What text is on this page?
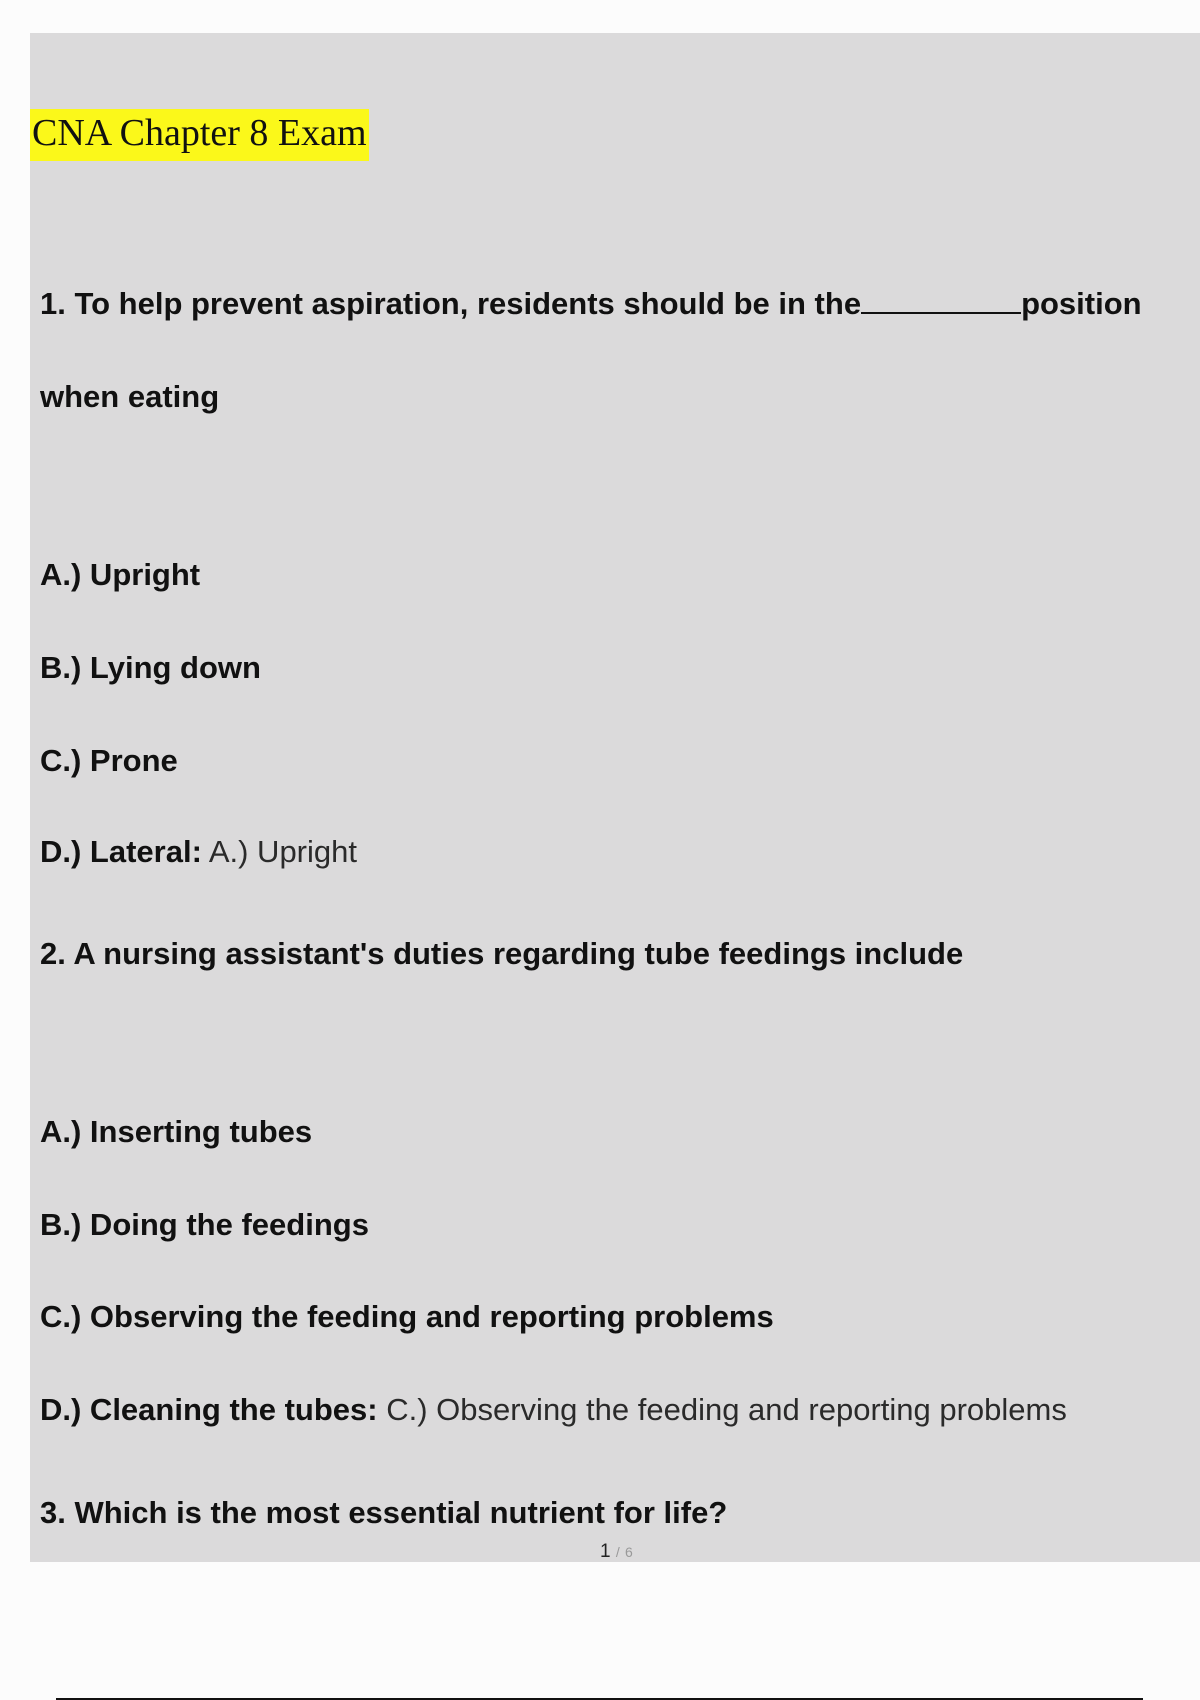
CNA Chapter 8 Exam
1. To help prevent aspiration, residents should be in the	position
when eating
A.) Upright
B.) Lying down
C.) Prone
D.) Lateral: A.) Upright
2. A nursing assistant's duties regarding tube feedings include
A.) Inserting tubes
B.) Doing the feedings
C.) Observing the feeding and reporting problems
D.) Cleaning the tubes: C.) Observing the feeding and reporting problems
3. Which is the most essential nutrient for life?
1 / 6
